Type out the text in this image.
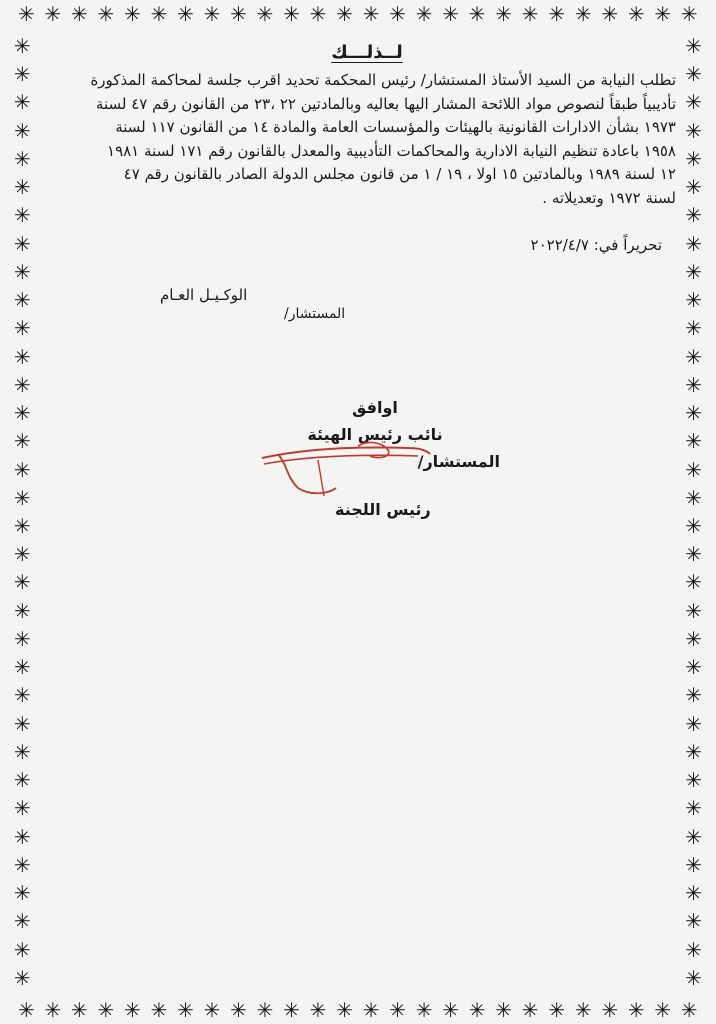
✳ ✳ ✳ ✳ ✳ ✳ ✳ ✳ ✳ ✳ ✳ ✳ ✳ ✳ ✳ ✳ ✳ ✳ ✳ ✳ ✳ ✳ ✳ ✳ ✳ ✳
✳ ✳ ✳ ✳ ✳ ✳ ✳ ✳ ✳ ✳ ✳ ✳ ✳ ✳ ✳ ✳ ✳ ✳ ✳ ✳ ✳ ✳ ✳ ✳ ✳ ✳
✳
✳
✳
✳
✳
✳
✳
✳
✳
✳
✳
✳
✳
✳
✳
✳
✳
✳
✳
✳
✳
✳
✳
✳
✳
✳
✳
✳
✳
✳
✳
✳
✳
✳
✳
✳
✳
✳
✳
✳
✳
✳
✳
✳
✳
✳
✳
✳
✳
✳
✳
✳
✳
✳
✳
✳
✳
✳
✳
✳
✳
✳
✳
✳
✳
✳
✳
✳
لــذلـــك

تطلب النيابة من السيد الأستاذ المستشار/ رئيس المحكمة تحديد اقرب جلسة لمحاكمة المذكورة
تأديبياً طبقاً لنصوص مواد اللائحة المشار اليها بعاليه وبالمادتين ٢٢ ،٢٣ من القانون رقم ٤٧ لسنة
١٩٧٣ بشأن الادارات القانونية بالهيئات والمؤسسات العامة والمادة ١٤ من القانون ١١٧ لسنة
١٩٥٨ باعادة تنظيم النيابة الادارية والمحاكمات التأديبية والمعدل بالقانون رقم ١٧١ لسنة ١٩٨١
١٢ لسنة ١٩٨٩ وبالمادتين ١٥ اولا ، ١٩ / ١ من قانون مجلس الدولة الصادر بالقانون رقم ٤٧
لسنة ١٩٧٢ وتعديلاته .

تحريراً في: ٢٠٢٢/٤/٧
الوكـيـل العـام
المستشار/
اوافق
نائب رئيس الهيئة
المستشار/
رئيس اللجنة
